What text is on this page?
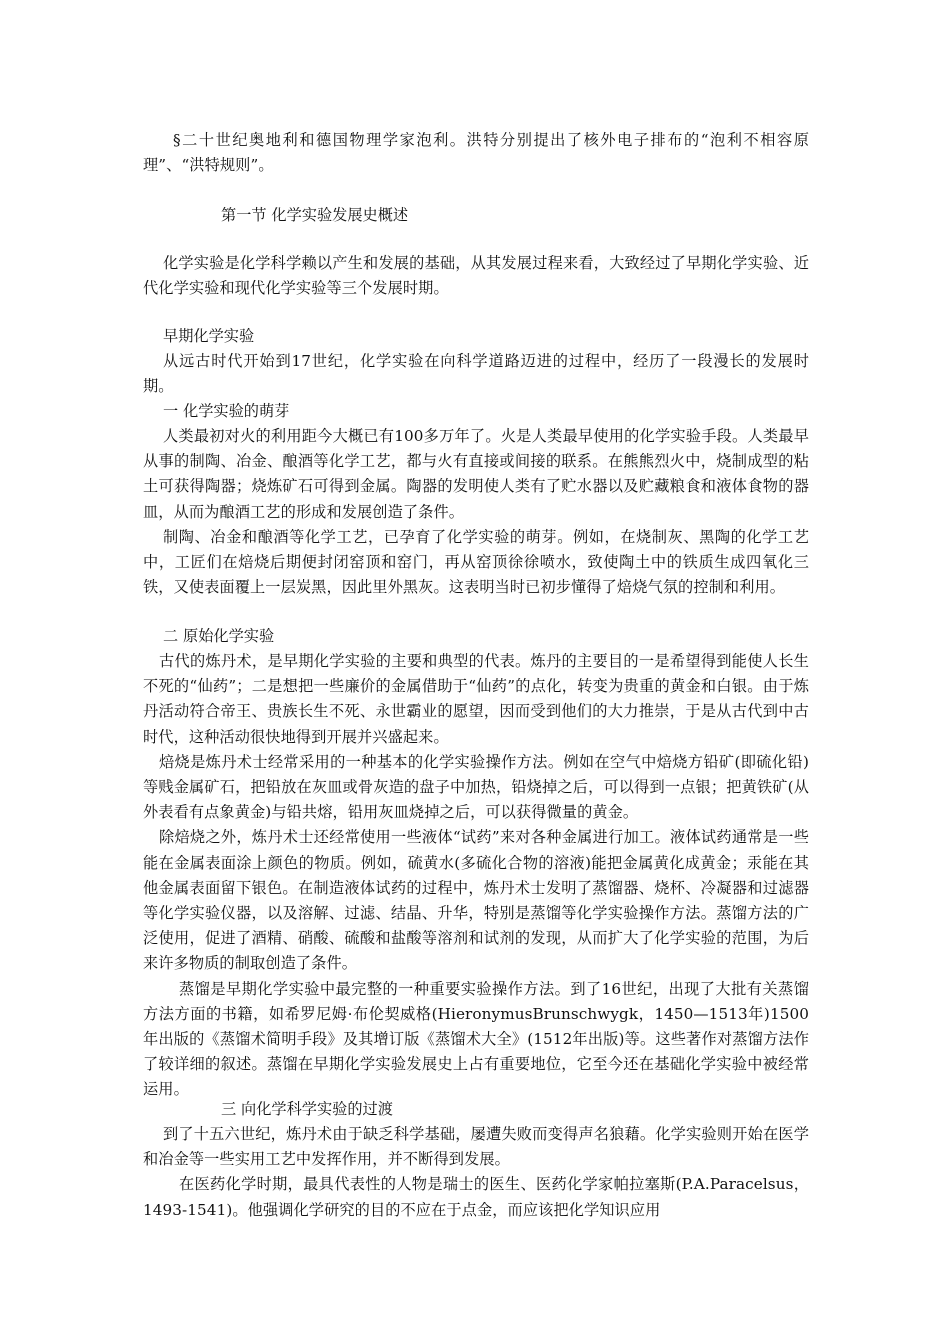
§二十世纪奥地利和德国物理学家泡利。洪特分别提出了核外电子排布的“泡利不相容原理”、“洪特规则”。

第一节 化学实验发展史概述

化学实验是化学科学赖以产生和发展的基础，从其发展过程来看，大致经过了早期化学实验、近代化学实验和现代化学实验等三个发展时期。

早期化学实验

从远古时代开始到17世纪，化学实验在向科学道路迈进的过程中，经历了一段漫长的发展时期。

一 化学实验的萌芽

人类最初对火的利用距今大概已有100多万年了。火是人类最早使用的化学实验手段。人类最早从事的制陶、冶金、酿酒等化学工艺，都与火有直接或间接的联系。在熊熊烈火中，烧制成型的粘土可获得陶器；烧炼矿石可得到金属。陶器的发明使人类有了贮水器以及贮藏粮食和液体食物的器皿，从而为酿酒工艺的形成和发展创造了条件。

制陶、冶金和酿酒等化学工艺，已孕育了化学实验的萌芽。例如，在烧制灰、黑陶的化学工艺中，工匠们在焙烧后期便封闭窑顶和窑门，再从窑顶徐徐喷水，致使陶土中的铁质生成四氧化三铁，又使表面覆上一层炭黑，因此里外黑灰。这表明当时已初步懂得了焙烧气氛的控制和利用。

二 原始化学实验

古代的炼丹术，是早期化学实验的主要和典型的代表。炼丹的主要目的一是希望得到能使人长生不死的“仙药”；二是想把一些廉价的金属借助于“仙药”的点化，转变为贵重的黄金和白银。由于炼丹活动符合帝王、贵族长生不死、永世霸业的愿望，因而受到他们的大力推崇，于是从古代到中古时代，这种活动很快地得到开展并兴盛起来。

焙烧是炼丹术士经常采用的一种基本的化学实验操作方法。例如在空气中焙烧方铅矿(即硫化铅)等贱金属矿石，把铅放在灰皿或骨灰造的盘子中加热，铅烧掉之后，可以得到一点银；把黄铁矿(从外表看有点象黄金)与铅共熔，铅用灰皿烧掉之后，可以获得微量的黄金。

除焙烧之外，炼丹术士还经常使用一些液体“试药”来对各种金属进行加工。液体试药通常是一些能在金属表面涂上颜色的物质。例如，硫黄水(多硫化合物的溶液)能把金属黄化成黄金；汞能在其他金属表面留下银色。在制造液体试药的过程中，炼丹术士发明了蒸馏器、烧杯、冷凝器和过滤器等化学实验仪器，以及溶解、过滤、结晶、升华，特别是蒸馏等化学实验操作方法。蒸馏方法的广泛使用，促进了酒精、硝酸、硫酸和盐酸等溶剂和试剂的发现，从而扩大了化学实验的范围，为后来许多物质的制取创造了条件。

蒸馏是早期化学实验中最完整的一种重要实验操作方法。到了16世纪，出现了大批有关蒸馏方法方面的书籍，如希罗尼姆·布伦契威格(HieronymusBrunschwygk，1450—1513年)1500年出版的《蒸馏术简明手段》及其增订版《蒸馏术大全》(1512年出版)等。这些著作对蒸馏方法作了较详细的叙述。蒸馏在早期化学实验发展史上占有重要地位，它至今还在基础化学实验中被经常运用。

三 向化学科学实验的过渡

到了十五六世纪，炼丹术由于缺乏科学基础，屡遭失败而变得声名狼藉。化学实验则开始在医学和冶金等一些实用工艺中发挥作用，并不断得到发展。

在医药化学时期，最具代表性的人物是瑞士的医生、医药化学家帕拉塞斯(P.A.Paracelsus，1493-1541)。他强调化学研究的目的不应在于点金，而应该把化学知识应用
